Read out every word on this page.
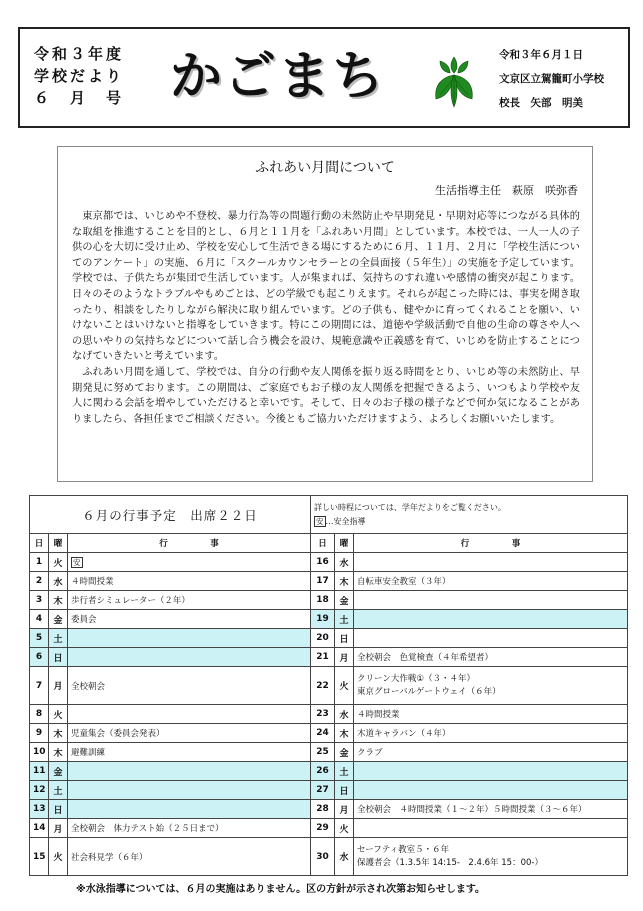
令和３年度
学校だより
６　月　号 かごまち	令和３年６月１日
文京区立駕籠町小学校
校長　矢部　明美
ふれあい月間について
生活指導主任　萩原　咲弥香

東京都では、いじめや不登校、暴力行為等の問題行動の未然防止や早期発見・早期対応等につながる具体的な取組を推進することを目的とし、６月と１１月を「ふれあい月間」としています。本校では、一人一人の子供の心を大切に受け止め、学校を安心して生活できる場にするために６月、１１月、２月に「学校生活についてのアンケート」の実施、６月に「スクールカウンセラーとの全員面接（５年生）」の実施を予定しています。学校では、子供たちが集団で生活しています。人が集まれば、気持ちのすれ違いや感情の衝突が起こります。日々のそのようなトラブルやもめごとは、どの学級でも起こりえます。それらが起こった時には、事実を聞き取ったり、相談をしたりしながら解決に取り組んでいます。どの子供も、健やかに育ってくれることを願い、いけないことはいけないと指導をしていきます。特にこの期間には、道徳や学級活動で自他の生命の尊さや人への思いやりの気持ちなどについて話し合う機会を設け、規範意識や正義感を育て、いじめを防止することにつなげていきたいと考えています。

ふれあい月間を通して、学校では、自分の行動や友人関係を振り返る時間をとり、いじめ等の未然防止、早期発見に努めております。この期間は、ご家庭でもお子様の友人関係を把握できるよう、いつもより学校や友人に関わる会話を増やしていただけると幸いです。そして、日々のお子様の様子などで何か気になることがありましたら、各担任までご相談ください。今後ともご協力いただけますよう、よろしくお願いいたします。

６月の行事予定　出席２２日			詳しい時程については、学年だよりをご覧ください。
安 …安全指導		

日	曜	行　　　　　事	日	曜	行　　　　　事
1	火	安	16	水	

2	水	４時間授業	17	木	自転車安全教室（３年）

3	木	歩行者シミュレーター（２年）	18	金	

4	金	委員会	19	土	

5	土		20	日	

6	日		21	月	全校朝会　色覚検査（４年希望者）

7	月	全校朝会	22	火	クリーン大作戦①（３・４年）
東京グローバルゲートウェイ（６年）

8	火		23	水	４時間授業

9	木	児童集会（委員会発表）	24	木	木道キャラバン（４年）

10	木	避難訓練	25	金	クラブ

11	金		26	土	

12	土		27	日	

13	日		28	月	全校朝会　４時間授業（１～２年）５時間授業（３～６年）

14	月	全校朝会　体力テスト始（２５日まで）	29	火	

15	火	社会科見学（６年）	30	水	セーフティ教室５・６年
保護者会（1.3.5年 14:15-　2.4.6年 15：00-）
※水泳指導については、６月の実施はありません。区の方針が示され次第お知らせします。
